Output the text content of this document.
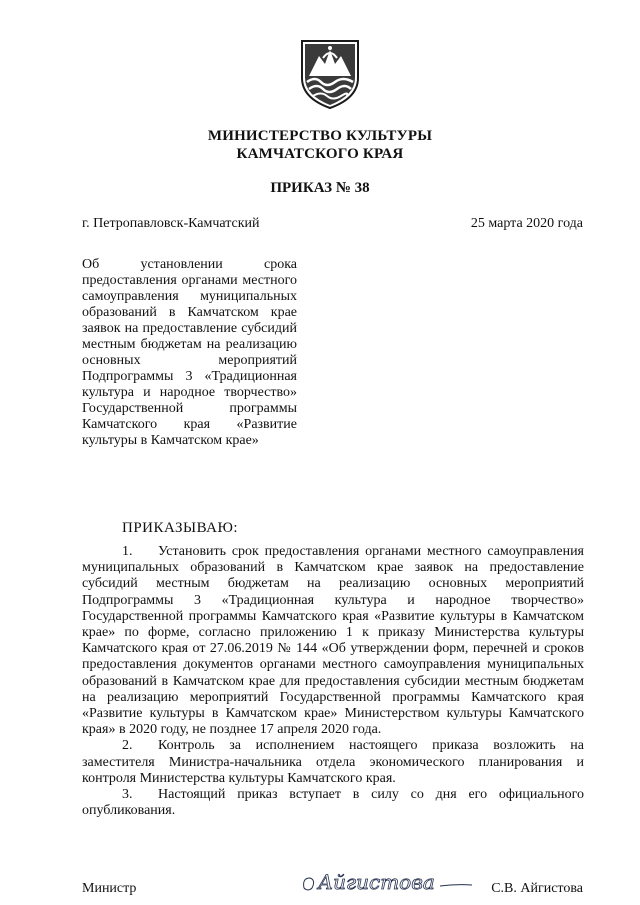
МИНИСТЕРСТВО КУЛЬТУРЫ
КАМЧАТСКОГО КРАЯ
ПРИКАЗ № 38
г. Петропавловск-Камчатский	25 марта 2020 года
Об установлении срока предоставления органами местного самоуправления муниципальных образований в Камчатском крае заявок на предоставление субсидий местным бюджетам на реализацию основных мероприятий Подпрограммы 3 «Традиционная культура и народное творчество» Государственной программы Камчатского края «Развитие культуры в Камчатском крае»
ПРИКАЗЫВАЮ:

1. Установить срок предоставления органами местного самоуправления муниципальных образований в Камчатском крае заявок на предоставление субсидий местным бюджетам на реализацию основных мероприятий Подпрограммы 3 «Традиционная культура и народное творчество» Государственной программы Камчатского края «Развитие культуры в Камчатском крае» по форме, согласно приложению 1 к приказу Министерства культуры Камчатского края от 27.06.2019 № 144 «Об утверждении форм, перечней и сроков предоставления документов органами местного самоуправления муниципальных образований в Камчатском крае для предоставления субсидии местным бюджетам на реализацию мероприятий Государственной программы Камчатского края «Развитие культуры в Камчатском крае» Министерством культуры Камчатского края» в 2020 году, не позднее 17 апреля 2020 года.

2. Контроль за исполнением настоящего приказа возложить на заместителя Министра-начальника отдела экономического планирования и контроля Министерства культуры Камчатского края.

3. Настоящий приказ вступает в силу со дня его официального опубликования.

Министр	Айгистова	С.В. Айгистова
